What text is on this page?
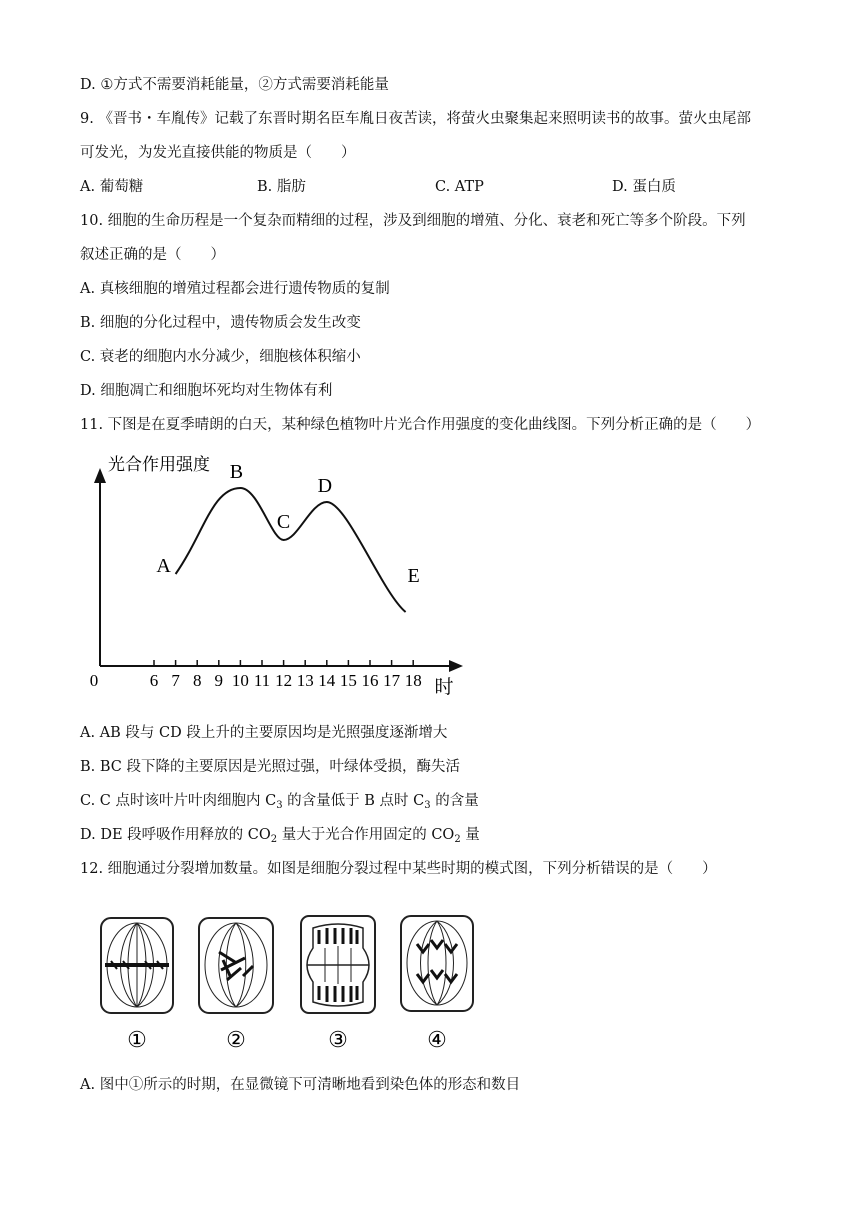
D. ①方式不需要消耗能量，②方式需要消耗能量
9. 《晋书・车胤传》记载了东晋时期名臣车胤日夜苦读，将萤火虫聚集起来照明读书的故事。萤火虫尾部
可发光，为发光直接供能的物质是（　　）
A. 葡萄糖	B. 脂肪	C. ATP	D. 蛋白质
10. 细胞的生命历程是一个复杂而精细的过程，涉及到细胞的增殖、分化、衰老和死亡等多个阶段。下列
叙述正确的是（　　）
A. 真核细胞的增殖过程都会进行遗传物质的复制
B. 细胞的分化过程中，遗传物质会发生改变
C. 衰老的细胞内水分减少，细胞核体积缩小
D. 细胞凋亡和细胞坏死均对生物体有利
11. 下图是在夏季晴朗的白天，某种绿色植物叶片光合作用强度的变化曲线图。下列分析正确的是（　　）
0
光合作用强度
时
6 7 8 9 10 11 12 13 14 15 16 17 18
A
B
C
D
E
A. AB 段与 CD 段上升的主要原因均是光照强度逐渐增大
B. BC 段下降的主要原因是光照过强，叶绿体受损，酶失活
C. C 点时该叶片叶肉细胞内 $C_3$ 的含量低于 B 点时 $C_3$ 的含量
D. DE 段呼吸作用释放的 $CO_2$ 量大于光合作用固定的 $CO_2$ 量
12. 细胞通过分裂增加数量。如图是细胞分裂过程中某些时期的模式图，下列分析错误的是（　　）
①	②	③	④
A. 图中①所示的时期，在显微镜下可清晰地看到染色体的形态和数目
